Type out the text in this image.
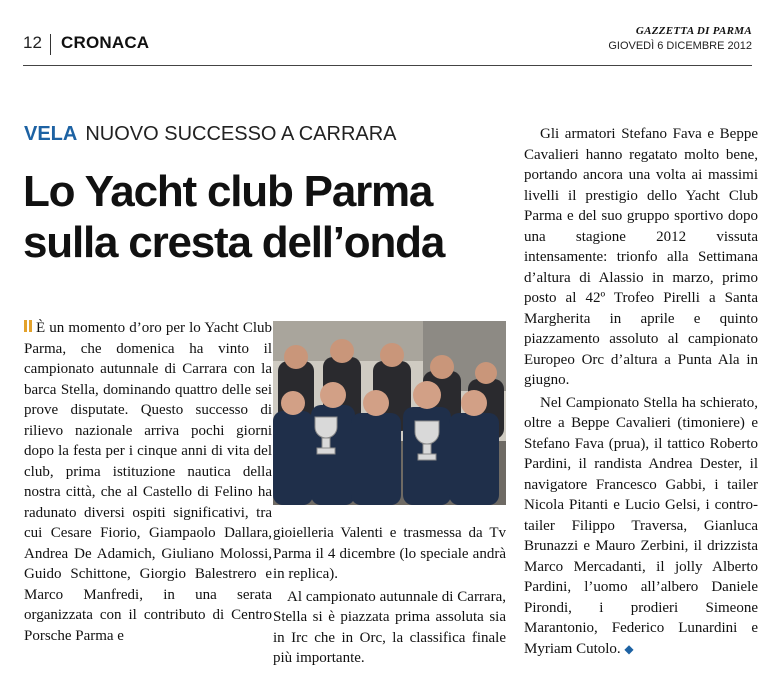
12 CRONACA
GAZZETTA DI PARMA
GIOVEDÌ 6 DICEMBRE 2012
VELA NUOVO SUCCESSO A CARRARA
Lo Yacht club Parma
sulla cresta dell’onda

È un momento d’oro per lo Yacht Club Parma, che domenica ha vinto il campionato autunnale di Carrara con la barca Stella, dominando quattro delle sei prove disputate. Questo successo di rilievo nazionale arriva pochi giorni dopo la festa per i cinque anni di vita del club, prima istituzione nautica della nostra città, che al Castello di Felino ha radunato diversi ospiti significativi, tra cui Cesare Fiorio, Giampaolo Dallara, Andrea De Adamich, Giuliano Molossi, Guido Schittone, Giorgio Balestrero e Marco Manfredi, in una serata organizzata con il contributo di Centro Porsche Parma e

gioielleria Valenti e trasmessa da Tv Parma il 4 dicembre (lo speciale andrà in replica).

Al campionato autunnale di Carrara, Stella si è piazzata prima assoluta sia in Irc che in Orc, la classifica finale più importante.

Gli armatori Stefano Fava e Beppe Cavalieri hanno regatato molto bene, portando ancora una volta ai massimi livelli il prestigio dello Yacht Club Parma e del suo gruppo sportivo dopo una stagione 2012 vissuta intensamente: trionfo alla Settimana d’altura di Alassio in marzo, primo posto al 42º Trofeo Pirelli a Santa Margherita in aprile e quinto piazzamento assoluto al campionato Europeo Orc d’altura a Punta Ala in giugno.

Nel Campionato Stella ha schierato, oltre a Beppe Cavalieri (timoniere) e Stefano Fava (prua), il tattico Roberto Pardini, il randista Andrea Dester, il navigatore Francesco Gabbi, i tailer Nicola Pitanti e Lucio Gelsi, i contro-tailer Filippo Traversa, Gianluca Brunazzi e Mauro Zerbini, il drizzista Marco Mercadanti, il jolly Alberto Pardini, l’uomo all’albero Daniele Pirondi, i prodieri Simeone Marantonio, Federico Lunardini e Myriam Cutolo. ◆
